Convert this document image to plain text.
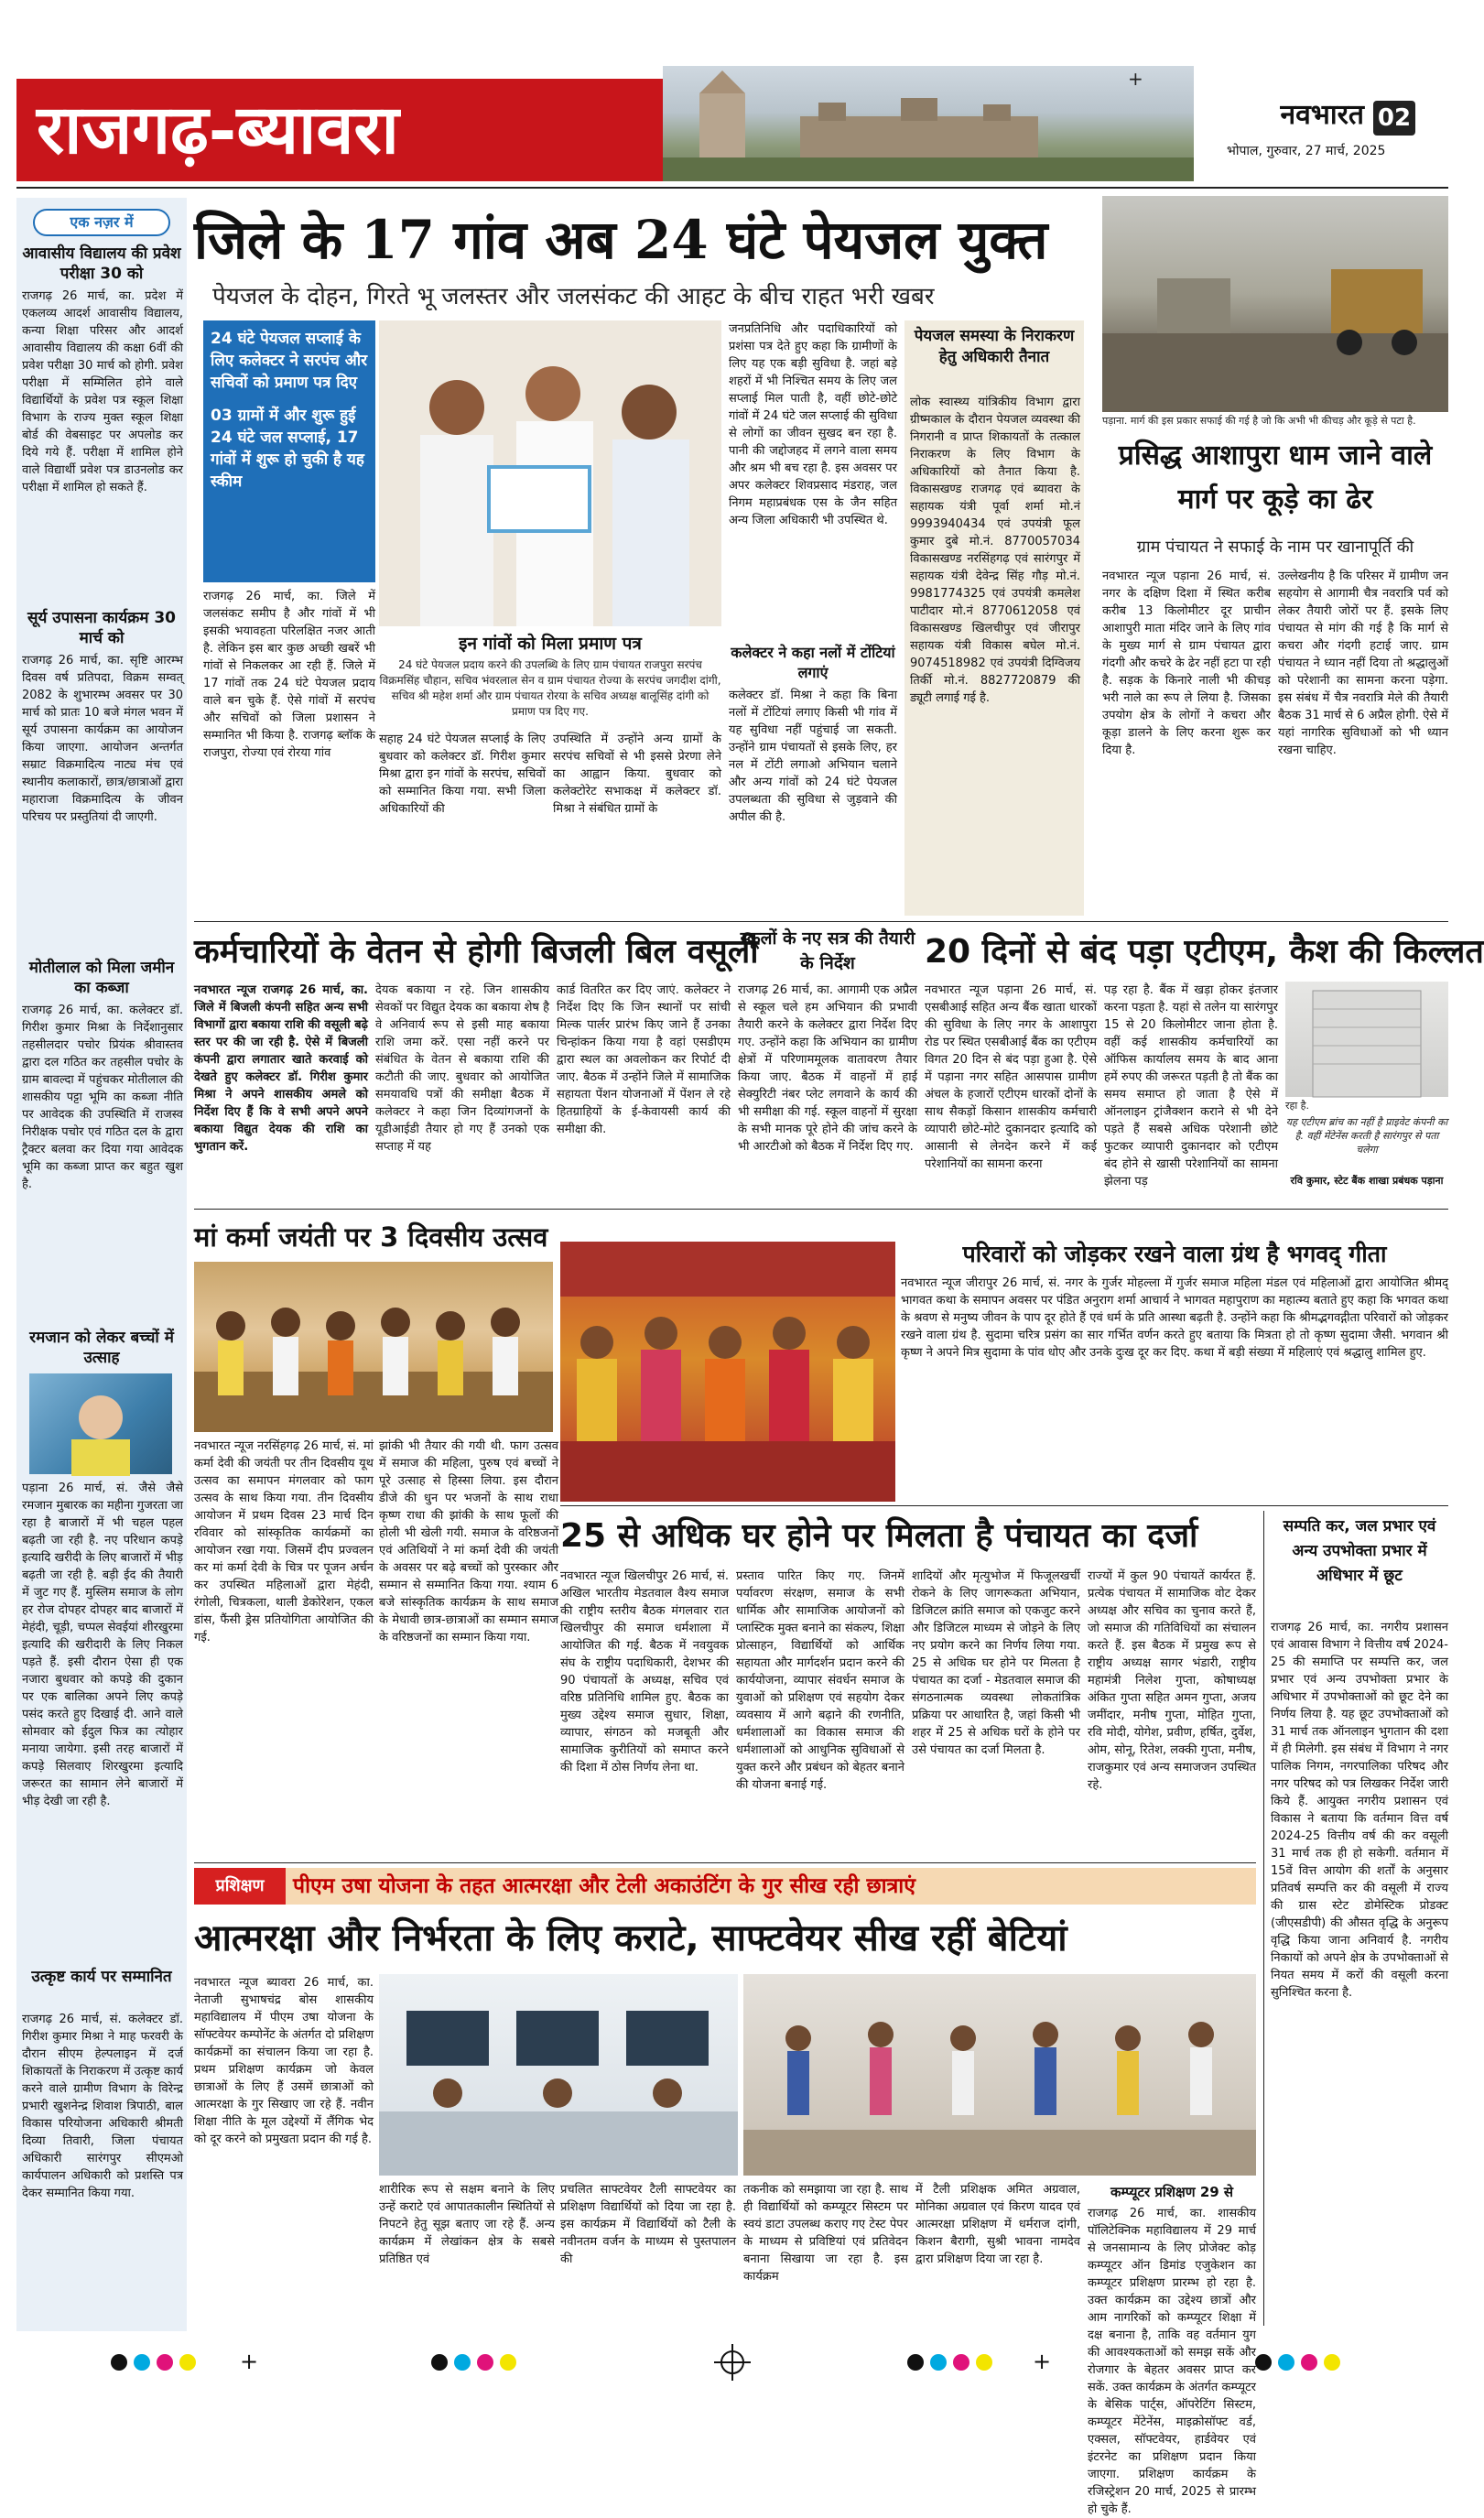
राजगढ़-ब्यावरा	नवभारत 02
भोपाल, गुरुवार, 27 मार्च, 2025
+
एक नज़र में
आवासीय विद्यालय की प्रवेश परीक्षा 30 को
राजगढ़ 26 मार्च, का. प्रदेश में एकलव्य आदर्श आवासीय विद्यालय, कन्या शिक्षा परिसर और आदर्श आवासीय विद्यालय की कक्षा 6वीं की प्रवेश परीक्षा 30 मार्च को होगी. प्रवेश परीक्षा में सम्मिलित होने वाले विद्यार्थियों के प्रवेश पत्र स्कूल शिक्षा विभाग के राज्य मुक्त स्कूल शिक्षा बोर्ड की वेबसाइट पर अपलोड कर दिये गये हैं. परीक्षा में शामिल होने वाले विद्यार्थी प्रवेश पत्र डाउनलोड कर परीक्षा में शामिल हो सकते हैं.
सूर्य उपासना कार्यक्रम 30 मार्च को
राजगढ़ 26 मार्च, का. सृष्टि आरम्भ दिवस वर्ष प्रतिपदा, विक्रम सम्वत् 2082 के शुभारम्भ अवसर पर 30 मार्च को प्रातः 10 बजे मंगल भवन में सूर्य उपासना कार्यक्रम का आयोजन किया जाएगा. आयोजन अन्तर्गत सम्राट विक्रमादित्य नाट्य मंच एवं स्थानीय कलाकारों, छात्र/छात्राओं द्वारा महाराजा विक्रमादित्य के जीवन परिचय पर प्रस्तुतियां दी जाएगी.
मोतीलाल को मिला जमीन का कब्जा
राजगढ़ 26 मार्च, का. कलेक्टर डॉ. गिरीश कुमार मिश्रा के निर्देशानुसार तहसीलदार पचोर प्रियंक श्रीवास्तव द्वारा दल गठित कर तहसील पचोर के ग्राम बावल्दा में पहुंचकर मोतीलाल की शासकीय पट्टा भूमि का कब्जा नीति पर आवेदक की उपस्थिति में राजस्व निरीक्षक पचोर एवं गठित दल के द्वारा ट्रैक्टर बलवा कर दिया गया आवेदक भूमि का कब्जा प्राप्त कर बहुत खुश है.
रमजान को लेकर बच्चों में उत्साह
पड़ाना 26 मार्च, सं. जैसे जैसे रमजान मुबारक का महीना गुजरता जा रहा है बाजारों में भी चहल पहल बढ़ती जा रही है. नए परिधान कपड़े इत्यादि खरीदी के लिए बाजारों में भीड़ बढ़ती जा रही है. बड़ी ईद की तैयारी में जुट गए हैं. मुस्लिम समाज के लोग हर रोज दोपहर दोपहर बाद बाजारों में मेहंदी, चूड़ी, चप्पल सेवईयां शीरखुरमा इत्यादि की खरीदारी के लिए निकल पड़ते हैं. इसी दौरान ऐसा ही एक नजारा बुधवार को कपड़े की दुकान पर एक बालिका अपने लिए कपड़े पसंद करते हुए दिखाई दी. आने वाले सोमवार को ईदुल फित्र का त्योहार मनाया जायेगा. इसी तरह बाजारों में कपड़े सिलवाए शिरखुरमा इत्यादि जरूरत का सामान लेने बाजारों में भीड़ देखी जा रही है.
उत्कृष्ट कार्य पर सम्मानित
राजगढ़ 26 मार्च, सं. कलेक्टर डॉ. गिरीश कुमार मिश्रा ने माह फरवरी के दौरान सीएम हेल्पलाइन में दर्ज शिकायतों के निराकरण में उत्कृष्ट कार्य करने वाले ग्रामीण विभाग के विरेन्द्र प्रभारी खुशनेन्द्र शिवाश त्रिपाठी, बाल विकास परियोजना अधिकारी श्रीमती दिव्या तिवारी, जिला पंचायत अधिकारी सारंगपुर सीएमओ कार्यपालन अधिकारी को प्रशस्ति पत्र देकर सम्मानित किया गया.
जिले के 17 गांव अब 24 घंटे पेयजल युक्त
पेयजल के दोहन, गिरते भू जलस्तर और जलसंकट की आहट के बीच राहत भरी खबर
24 घंटे पेयजल सप्लाई के लिए कलेक्टर ने सरपंच और सचिवों को प्रमाण पत्र दिए
03 ग्रामों में और शुरू हुई 24 घंटे जल सप्लाई, 17 गांवों में शुरू हो चुकी है यह स्कीम
इन गांवों को मिला प्रमाण पत्र
24 घंटे पेयजल प्रदाय करने की उपलब्धि के लिए ग्राम पंचायत राजपुरा सरपंच विक्रमसिंह चौहान, सचिव भंवरलाल सेन व ग्राम पंचायत रोज्या के सरपंच जगदीश दांगी, सचिव श्री महेश शर्मा और ग्राम पंचायत रोरया के सचिव अध्यक्ष बालूसिंह दांगी को प्रमाण पत्र दिए गए.
राजगढ़ 26 मार्च, का. जिले में जलसंकट समीप है और गांवों में भी इसकी भयावहता परिलक्षित नजर आती है. लेकिन इस बार कुछ अच्छी खबरें भी गांवों से निकलकर आ रही हैं. जिले में 17 गांवों तक 24 घंटे पेयजल प्रदाय वाले बन चुके हैं. ऐसे गांवों में सरपंच और सचिवों को जिला प्रशासन ने सम्मानित भी किया है. राजगढ़ ब्लॉक के राजपुरा, रोज्या एवं रोरया गांव
सहाह 24 घंटे पेयजल सप्लाई के लिए बुधवार को कलेक्टर डॉ. गिरीश कुमार मिश्रा द्वारा इन गांवों के सरपंच, सचिवों को सम्मानित किया गया. सभी जिला अधिकारियों की
उपस्थिति में उन्होंने अन्य ग्रामों के सरपंच सचिवों से भी इससे प्रेरणा लेने का आह्वान किया. बुधवार को कलेक्टोरेट सभाकक्ष में कलेक्टर डॉ. मिश्रा ने संबंधित ग्रामों के
जनप्रतिनिधि और पदाधिकारियों को प्रशंसा पत्र देते हुए कहा कि ग्रामीणों के लिए यह एक बड़ी सुविधा है. जहां बड़े शहरों में भी निश्चित समय के लिए जल सप्लाई मिल पाती है, वहीं छोटे-छोटे गांवों में 24 घंटे जल सप्लाई की सुविधा से लोगों का जीवन सुखद बन रहा है. पानी की जद्दोजहद में लगने वाला समय और श्रम भी बच रहा है. इस अवसर पर अपर कलेक्टर शिवप्रसाद मंडराह, जल निगम महाप्रबंधक एस के जैन सहित अन्य जिला अधिकारी भी उपस्थित थे.
कलेक्टर ने कहा नलों में टोंटियां लगाएं
कलेक्टर डॉ. मिश्रा ने कहा कि बिना नलों में टोंटियां लगाए किसी भी गांव में यह सुविधा नहीं पहुंचाई जा सकती. उन्होंने ग्राम पंचायतों से इसके लिए, हर नल में टोंटी लगाओ अभियान चलाने और अन्य गांवों को 24 घंटे पेयजल उपलब्धता की सुविधा से जुड़वाने की अपील की है.
पेयजल समस्या के निराकरण हेतु अधिकारी तैनात
लोक स्वास्थ्य यांत्रिकीय विभाग द्वारा ग्रीष्मकाल के दौरान पेयजल व्यवस्था की निगरानी व प्राप्त शिकायतों के तत्काल निराकरण के लिए विभाग के अधिकारियों को तैनात किया है. विकासखण्ड राजगढ़ एवं ब्यावरा के सहायक यंत्री पूर्वा शर्मा मो.नं 9993940434 एवं उपयंत्री फूल कुमार दुबे मो.नं. 8770057034 विकासखण्ड नरसिंहगढ़ एवं सारंगपुर में सहायक यंत्री देवेन्द्र सिंह गौड़ मो.नं. 9981774325 एवं उपयंत्री कमलेश पाटीदार मो.नं 8770612058 एवं विकासखण्ड खिलचीपुर एवं जीरापुर सहायक यंत्री विकास बघेल मो.नं. 9074518982 एवं उपयंत्री दिग्विजय तिर्की मो.नं. 8827720879 की ड्यूटी लगाई गई है.
पड़ाना. मार्ग की इस प्रकार सफाई की गई है जो कि अभी भी कीचड़ और कूड़े से पटा है.
प्रसिद्ध आशापुरा धाम जाने वाले मार्ग पर कूड़े का ढेर
ग्राम पंचायत ने सफाई के नाम पर खानापूर्ति की
नवभारत न्यूज पड़ाना 26 मार्च, सं. नगर के दक्षिण दिशा में स्थित करीब करीब 13 किलोमीटर दूर प्राचीन आशापुरी माता मंदिर जाने के लिए गांव के मुख्य मार्ग से ग्राम पंचायत द्वारा गंदगी और कचरे के ढेर नहीं हटा पा रही है. सड़क के किनारे नाली भी कीचड़ भरी नाले का रूप ले लिया है. जिसका उपयोग क्षेत्र के लोगों ने कचरा और कूड़ा डालने के लिए करना शुरू कर दिया है.
उल्लेखनीय है कि परिसर में ग्रामीण जन सहयोग से आगामी चैत्र नवरात्रि पर्व को लेकर तैयारी जोरों पर हैं. इसके लिए पंचायत से मांग की गई है कि मार्ग से कचरा और गंदगी हटाई जाए. ग्राम पंचायत ने ध्यान नहीं दिया तो श्रद्धालुओं को परेशानी का सामना करना पड़ेगा. इस संबंध में चैत्र नवरात्रि मेले की तैयारी बैठक 31 मार्च से 6 अप्रैल होगी. ऐसे में यहां नागरिक सुविधाओं को भी ध्यान रखना चाहिए.
कर्मचारियों के वेतन से होगी बिजली बिल वसूली
नवभारत न्यूज राजगढ़ 26 मार्च, का. जिले में बिजली कंपनी सहित अन्य सभी विभागों द्वारा बकाया राशि की वसूली बढ़े स्तर पर की जा रही है. ऐसे में बिजली कंपनी द्वारा लगातार खाते करवाई को देखते हुए कलेक्टर डॉ. गिरीश कुमार मिश्रा ने अपने शासकीय अमले को निर्देश दिए हैं कि वे सभी अपने अपने बकाया विद्युत देयक की राशि का भुगतान करें.
देयक बकाया न रहे. जिन शासकीय सेवकों पर विद्युत देयक का बकाया शेष है वे अनिवार्य रूप से इसी माह बकाया राशि जमा करें. एसा नहीं करने पर संबंधित के वेतन से बकाया राशि की कटौती की जाए. बुधवार को आयोजित समयावधि पत्रों की समीक्षा बैठक में कलेक्टर ने कहा जिन दिव्यांगजनों के यूडीआईडी तैयार हो गए हैं उनको एक सप्ताह में यह
कार्ड वितरित कर दिए जाएं. कलेक्टर ने निर्देश दिए कि जिन स्थानों पर सांची मिल्क पार्लर प्रारंभ किए जाने हैं उनका चिन्हांकन किया गया है वहां एसडीएम द्वारा स्थल का अवलोकन कर रिपोर्ट दी जाए. बैठक में उन्होंने जिले में सामाजिक सहायता पेंशन योजनाओं में पेंशन ले रहे हितग्राहियों के ई-केवायसी कार्य की समीक्षा की.
स्कूलों के नए सत्र की तैयारी के निर्देश
राजगढ़ 26 मार्च, का. आगामी एक अप्रैल से स्कूल चले हम अभियान की प्रभावी तैयारी करने के कलेक्टर द्वारा निर्देश दिए गए. उन्होंने कहा कि अभियान का ग्रामीण क्षेत्रों में परिणाममूलक वातावरण तैयार किया जाए. बैठक में वाहनों में हाई सेक्युरिटी नंबर प्लेट लगवाने के कार्य की भी समीक्षा की गई. स्कूल वाहनों में सुरक्षा के सभी मानक पूरे होने की जांच करने के भी आरटीओ को बैठक में निर्देश दिए गए.
20 दिनों से बंद पड़ा एटीएम, कैश की किल्लत
नवभारत न्यूज पड़ाना 26 मार्च, सं. एसबीआई सहित अन्य बैंक खाता धारकों की सुविधा के लिए नगर के आशापुरा रोड पर स्थित एसबीआई बैंक का एटीएम विगत 20 दिन से बंद पड़ा हुआ है. ऐसे में पड़ाना नगर सहित आसपास ग्रामीण अंचल के हजारों एटीएम धारकों दोनों के साथ सैकड़ों किसान शासकीय कर्मचारी व्यापारी छोटे-मोटे दुकानदार इत्यादि को आसानी से लेनदेन करने में कई परेशानियों का सामना करना
पड़ रहा है. बैंक में खड़ा होकर इंतजार करना पड़ता है. यहां से तलेन या सारंगपुर 15 से 20 किलोमीटर जाना होता है. वहीं कई शासकीय कर्मचारियों का ऑफिस कार्यालय समय के बाद आना हमें रुपए की जरूरत पड़ती है तो बैंक का समय समाप्त हो जाता है ऐसे में ऑनलाइन ट्रांजैक्शन कराने से भी देने पड़ते हैं सबसे अधिक परेशानी छोटे फुटकर व्यापारी दुकानदार को एटीएम बंद होने से खासी परेशानियों का सामना झेलना पड़
रहा है.
यह एटीएम ब्रांच का नहीं है प्राइवेट कंपनी का है. वहीं मेंटेनेंस करती है सारंगपुर से पता चलेगा
रवि कुमार, स्टेट बैंक शाखा प्रबंधक पड़ाना
मां कर्मा जयंती पर 3 दिवसीय उत्सव
नवभारत न्यूज नरसिंहगढ़ 26 मार्च, सं. मां कर्मा देवी की जयंती पर तीन दिवसीय यूथ उत्सव का समापन मंगलवार को फाग उत्सव के साथ किया गया. तीन दिवसीय आयोजन में प्रथम दिवस 23 मार्च दिन रविवार को सांस्कृतिक कार्यक्रमों का आयोजन रखा गया. जिसमें दीप प्रज्वलन कर मां कर्मा देवी के चित्र पर पूजन अर्चन कर उपस्थित महिलाओं द्वारा मेहंदी, रंगोली, चित्रकला, थाली डेकोरेशन, एकल डांस, फैंसी ड्रेस प्रतियोगिता आयोजित की गई.
झांकी भी तैयार की गयी थी. फाग उत्सव में समाज की महिला, पुरुष एवं बच्चों ने पूरे उत्साह से हिस्सा लिया. इस दौरान डीजे की धुन पर भजनों के साथ राधा कृष्ण राधा की झांकी के साथ फूलों की होली भी खेली गयी. समाज के वरिष्ठजनों एवं अतिथियों ने मां कर्मा देवी की जयंती के अवसर पर बढ़े बच्चों को पुरस्कार और सम्मान से सम्मानित किया गया. श्याम 6 बजे सांस्कृतिक कार्यक्रम के साथ समाज के मेधावी छात्र-छात्राओं का सम्मान समाज के वरिष्ठजनों का सम्मान किया गया.
परिवारों को जोड़कर रखने वाला ग्रंथ है भगवद् गीता
नवभारत न्यूज जीरापुर 26 मार्च, सं. नगर के गुर्जर मोहल्ला में गुर्जर समाज महिला मंडल एवं महिलाओं द्वारा आयोजित श्रीमद् भागवत कथा के समापन अवसर पर पंडित अनुराग शर्मा आचार्य ने भागवत महापुराण का महात्म्य बताते हुए कहा कि भगवत कथा के श्रवण से मनुष्य जीवन के पाप दूर होते हैं एवं धर्म के प्रति आस्था बढ़ती है. उन्होंने कहा कि श्रीमद्भगवद्गीता परिवारों को जोड़कर रखने वाला ग्रंथ है. सुदामा चरित्र प्रसंग का सार गर्भित वर्णन करते हुए बताया कि मित्रता हो तो कृष्ण सुदामा जैसी. भगवान श्री कृष्ण ने अपने मित्र सुदामा के पांव धोए और उनके दुःख दूर कर दिए. कथा में बड़ी संख्या में महिलाएं एवं श्रद्धालु शामिल हुए.
25 से अधिक घर होने पर मिलता है पंचायत का दर्जा
नवभारत न्यूज खिलचीपुर 26 मार्च, सं. अखिल भारतीय मेडतवाल वैश्य समाज की राष्ट्रीय स्तरीय बैठक मंगलवार रात खिलचीपुर की समाज धर्मशाला में आयोजित की गई. बैठक में नवयुवक संघ के राष्ट्रीय पदाधिकारी, देशभर की 90 पंचायतों के अध्यक्ष, सचिव एवं वरिष्ठ प्रतिनिधि शामिल हुए. बैठक का मुख्य उद्देश्य समाज सुधार, शिक्षा, व्यापार, संगठन को मजबूती और सामाजिक कुरीतियों को समाप्त करने की दिशा में ठोस निर्णय लेना था.
प्रस्ताव पारित किए गए. जिनमें पर्यावरण संरक्षण, समाज के सभी धार्मिक और सामाजिक आयोजनों को प्लास्टिक मुक्त बनाने का संकल्प, शिक्षा प्रोत्साहन, विद्यार्थियों को आर्थिक सहायता और मार्गदर्शन प्रदान करने की कार्ययोजना, व्यापार संवर्धन समाज के युवाओं को प्रशिक्षण एवं सहयोग देकर व्यवसाय में आगे बढ़ाने की रणनीति, धर्मशालाओं का विकास समाज की धर्मशालाओं को आधुनिक सुविधाओं से युक्त करने और प्रबंधन को बेहतर बनाने की योजना बनाई गई.
शादियों और मृत्युभोज में फिजूलखर्ची रोकने के लिए जागरूकता अभियान, डिजिटल क्रांति समाज को एकजुट करने और डिजिटल माध्यम से जोड़ने के लिए नए प्रयोग करने का निर्णय लिया गया. 25 से अधिक घर होने पर मिलता है पंचायत का दर्जा - मेडतवाल समाज की संगठनात्मक व्यवस्था लोकतांत्रिक प्रक्रिया पर आधारित है, जहां किसी भी शहर में 25 से अधिक घरों के होने पर उसे पंचायत का दर्जा मिलता है.
राज्यों में कुल 90 पंचायतें कार्यरत हैं. प्रत्येक पंचायत में सामाजिक वोट देकर अध्यक्ष और सचिव का चुनाव करते हैं, जो समाज की गतिविधियों का संचालन करते हैं. इस बैठक में प्रमुख रूप से राष्ट्रीय अध्यक्ष सागर भंडारी, राष्ट्रीय महामंत्री निलेश गुप्ता, कोषाध्यक्ष अंकित गुप्ता सहित अमन गुप्ता, अजय जमींदार, मनीष गुप्ता, मोहित गुप्ता, रवि मोदी, योगेश, प्रवीण, हर्षित, दुर्वेश, ओम, सोनू, रितेश, लक्की गुप्ता, मनीष, राजकुमार एवं अन्य समाजजन उपस्थित रहे.
सम्पति कर, जल प्रभार एवं अन्य उपभोक्ता प्रभार में अधिभार में छूट
राजगढ़ 26 मार्च, का. नगरीय प्रशासन एवं आवास विभाग ने वित्तीय वर्ष 2024-25 की समाप्ति पर सम्पत्ति कर, जल प्रभार एवं अन्य उपभोक्ता प्रभार के अधिभार में उपभोक्ताओं को छूट देने का निर्णय लिया है. यह छूट उपभोक्ताओं को 31 मार्च तक ऑनलाइन भुगतान की दशा में ही मिलेगी. इस संबंध में विभाग ने नगर पालिक निगम, नगरपालिका परिषद और नगर परिषद को पत्र लिखकर निर्देश जारी किये हैं. आयुक्त नगरीय प्रशासन एवं विकास ने बताया कि वर्तमान वित्त वर्ष 2024-25 वित्तीय वर्ष की कर वसूली 31 मार्च तक ही हो सकेगी. वर्तमान में 15वें वित्त आयोग की शर्तों के अनुसार प्रतिवर्ष सम्पत्ति कर की वसूली में राज्य की ग्रास स्टेट डोमेस्टिक प्रोडक्ट (जीएसडीपी) की औसत वृद्धि के अनुरूप वृद्धि किया जाना अनिवार्य है. नगरीय निकायों को अपने क्षेत्र के उपभोक्ताओं से नियत समय में करों की वसूली करना सुनिश्चित करना है.
प्रशिक्षण	पीएम उषा योजना के तहत आत्मरक्षा और टेली अकाउंटिंग के गुर सीख रही छात्राएं
आत्मरक्षा और निर्भरता के लिए कराटे, साफ्टवेयर सीख रहीं बेटियां
नवभारत न्यूज ब्यावरा 26 मार्च, का. नेताजी सुभाषचंद्र बोस शासकीय महाविद्यालय में पीएम उषा योजना के सॉफ्टवेयर कम्पोनेंट के अंतर्गत दो प्रशिक्षण कार्यक्रमों का संचालन किया जा रहा है. प्रथम प्रशिक्षण कार्यक्रम जो केवल छात्राओं के लिए हैं उसमें छात्राओं को आत्मरक्षा के गुर सिखाए जा रहे हैं. नवीन शिक्षा नीति के मूल उद्देश्यों में लैंगिक भेद को दूर करने को प्रमुखता प्रदान की गई है.
शारीरिक रूप से सक्षम बनाने के लिए उन्हें कराटे एवं आपातकालीन स्थितियों से निपटने हेतु सूझ बताए जा रहे हैं. अन्य कार्यक्रम में लेखांकन क्षेत्र के सबसे प्रतिष्ठित एवं
प्रचलित साफ्टवेयर टैली साफ्टवेयर का प्रशिक्षण विद्यार्थियों को दिया जा रहा है. इस कार्यक्रम में विद्यार्थियों को टैली के नवीनतम वर्जन के माध्यम से पुस्तपालन की
तकनीक को समझाया जा रहा है. साथ ही विद्यार्थियों को कम्प्यूटर सिस्टम पर स्वयं डाटा उपलब्ध कराए गए टेस्ट पेपर के माध्यम से प्रविष्टियां एवं प्रतिवेदन बनाना सिखाया जा रहा है. इस कार्यक्रम
में टैली प्रशिक्षक अमित अग्रवाल, मोनिका अग्रवाल एवं किरण यादव एवं आत्मरक्षा प्रशिक्षण में धर्मराज दांगी, किशन बैरागी, सुश्री भावना नामदेव द्वारा प्रशिक्षण दिया जा रहा है.
कम्प्यूटर प्रशिक्षण 29 से
राजगढ़ 26 मार्च, का. शासकीय पॉलिटेक्निक महाविद्यालय में 29 मार्च से जनसामान्य के लिए प्रोजेक्ट कोड़ कम्प्यूटर ऑन डिमांड एजुकेशन का कम्प्यूटर प्रशिक्षण प्रारम्भ हो रहा है. उक्त कार्यक्रम का उद्देश्य छात्रों और आम नागरिकों को कम्प्यूटर शिक्षा में दक्ष बनाना है, ताकि वह वर्तमान युग की आवश्यकताओं को समझ सकें और रोजगार के बेहतर अवसर प्राप्त कर सकें. उक्त कार्यक्रम के अंतर्गत कम्प्यूटर के बेसिक पार्ट्स, ऑपरेटिंग सिस्टम, कम्प्यूटर मेंटेनेंस, माइक्रोसॉफ्ट वर्ड, एक्सल, सॉफ्टवेयर, हार्डवेयर एवं इंटरनेट का प्रशिक्षण प्रदान किया जाएगा. प्रशिक्षण कार्यक्रम के रजिस्ट्रेशन 20 मार्च, 2025 से प्रारम्भ हो चुके हैं.
+	+
